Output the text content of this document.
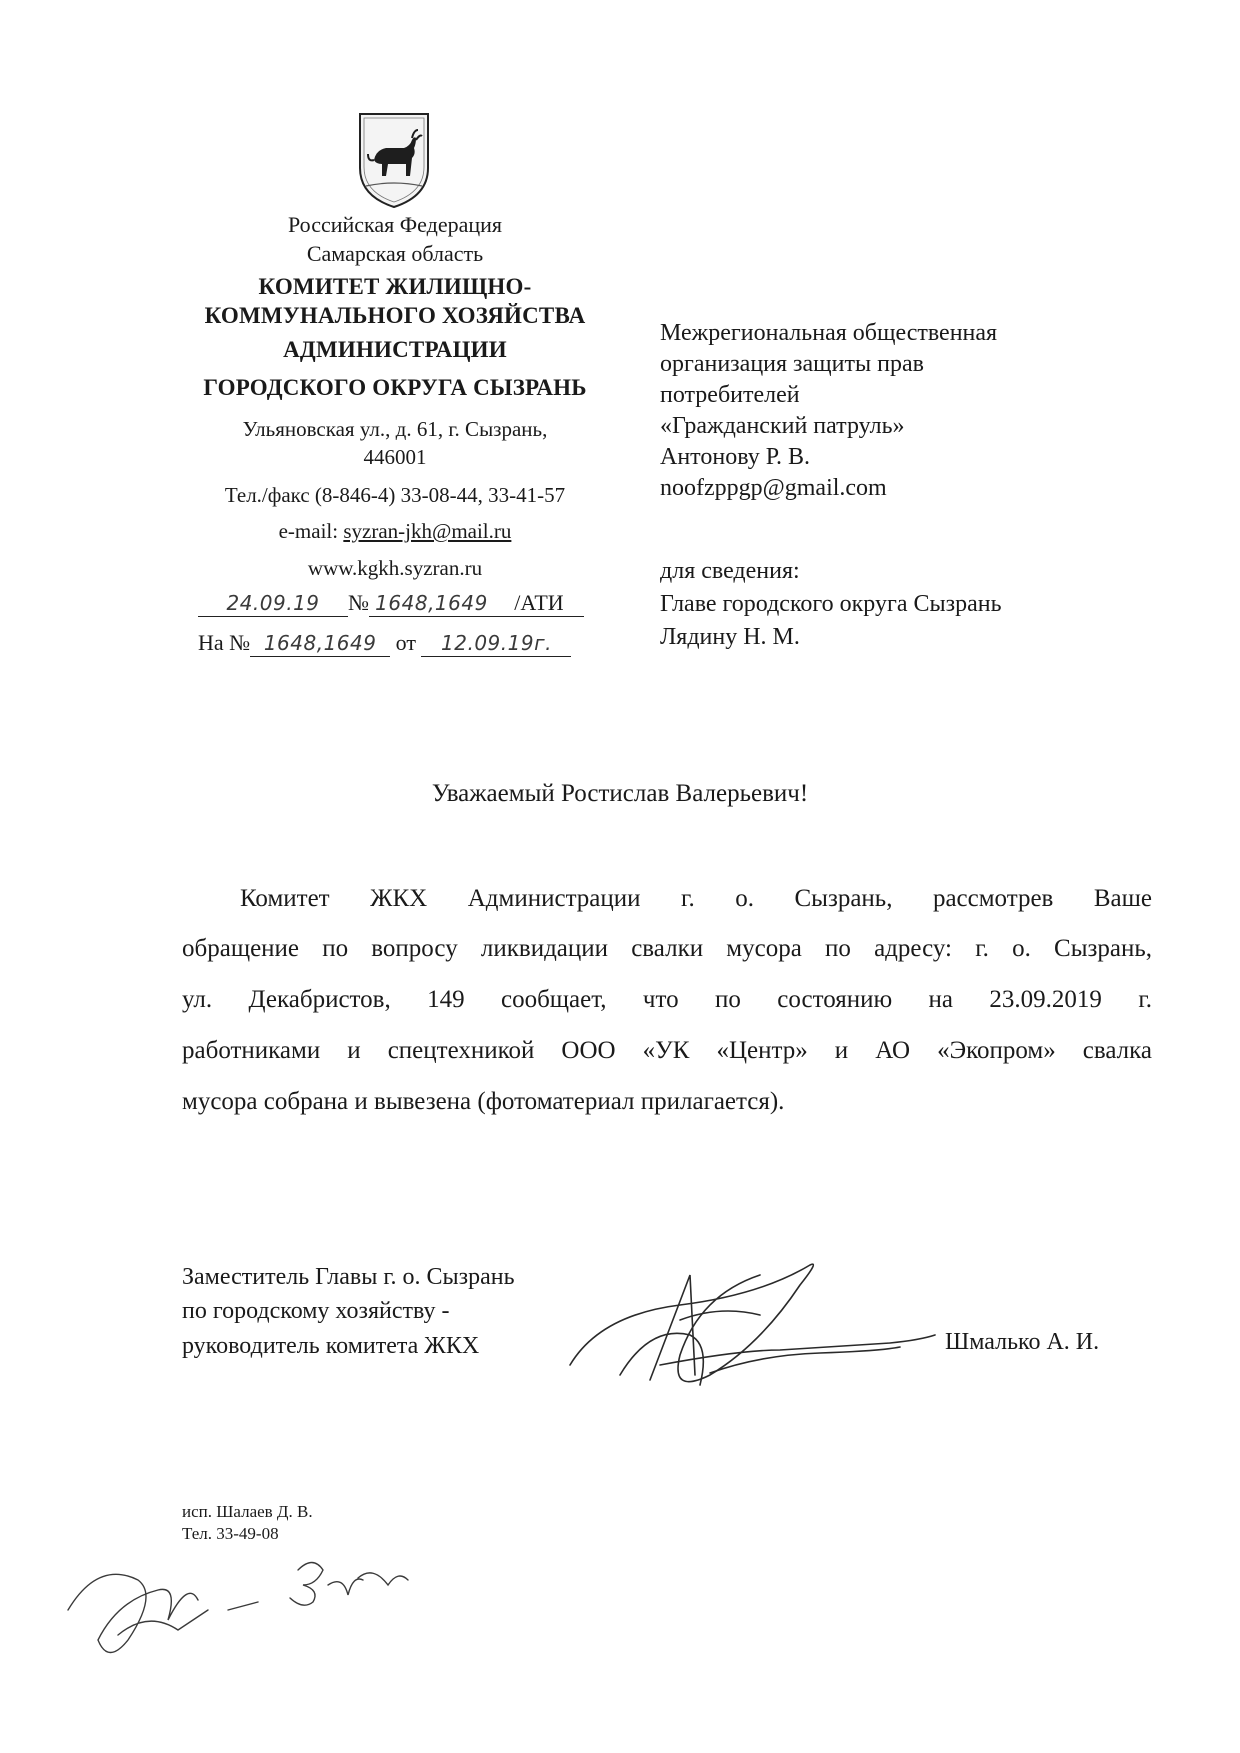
Российская Федерация
Самарская область
КОМИТЕТ ЖИЛИЩНО-
КОММУНАЛЬНОГО ХОЗЯЙСТВА
АДМИНИСТРАЦИИ
ГОРОДСКОГО ОКРУГА СЫЗРАНЬ
Ульяновская ул., д. 61, г. Сызрань,
446001
Тел./факс (8-846-4) 33-08-44, 33-41-57
e-mail: syzran-jkh@mail.ru
www.kgkh.syzran.ru
24.09.19 № 1648,1649 /АТИ
На № 1648,1649 от 12.09.19г.
Межрегиональная общественная
организация защиты прав
потребителей
«Гражданский патруль»
Антонову Р. В.
noofzppgp@gmail.com
для сведения:
Главе городского округа Сызрань
Лядину Н. М.
Уважаемый Ростислав Валерьевич!
Комитет ЖКХ Администрации г. о. Сызрань, рассмотрев Ваше
обращение по вопросу ликвидации свалки мусора по адресу: г. о. Сызрань,
ул. Декабристов, 149 сообщает, что по состоянию на 23.09.2019 г.
работниками и спецтехникой ООО «УК «Центр» и АО «Экопром» свалка
мусора собрана и вывезена (фотоматериал прилагается).
Заместитель Главы г. о. Сызрань
по городскому хозяйству -
руководитель комитета ЖКХ	Шмалько А. И.
исп. Шалаев Д. В.
Тел. 33-49-08
